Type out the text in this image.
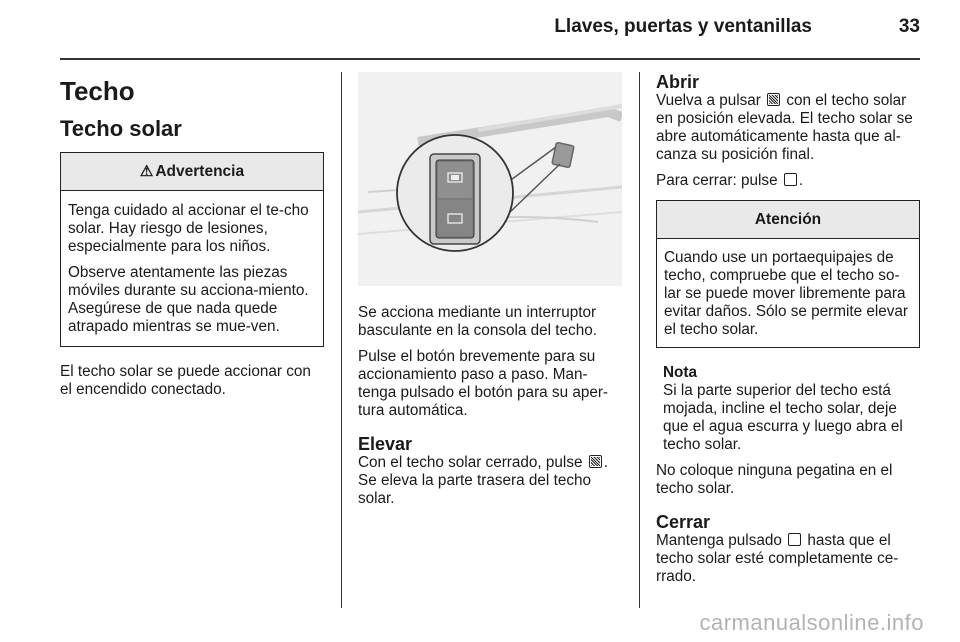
Llaves, puertas y ventanillas	33
Techo
Techo solar
⚠ Advertencia

Tenga cuidado al accionar el te-cho solar. Hay riesgo de lesiones, especialmente para los niños.

Observe atentamente las piezas móviles durante su acciona-miento. Asegúrese de que nada quede atrapado mientras se mue-ven.

El techo solar se puede accionar con el encendido conectado.

Se acciona mediante un interruptor basculante en la consola del techo.

Pulse el botón brevemente para su accionamiento paso a paso. Man-tenga pulsado el botón para su aper-tura automática.

Elevar

Con el techo solar cerrado, pulse . Se eleva la parte trasera del techo solar.

Abrir

Vuelva a pulsar con el techo solar en posición elevada. El techo solar se abre automáticamente hasta que al-canza su posición final.

Para cerrar: pulse .

Atención

Cuando use un portaequipajes de techo, compruebe que el techo so-lar se puede mover libremente para evitar daños. Sólo se permite elevar el techo solar.

Nota

Si la parte superior del techo está mojada, incline el techo solar, deje que el agua escurra y luego abra el techo solar.

No coloque ninguna pegatina en el techo solar.

Cerrar

Mantenga pulsado hasta que el techo solar esté completamente ce-rrado.

carmanualsonline.info
